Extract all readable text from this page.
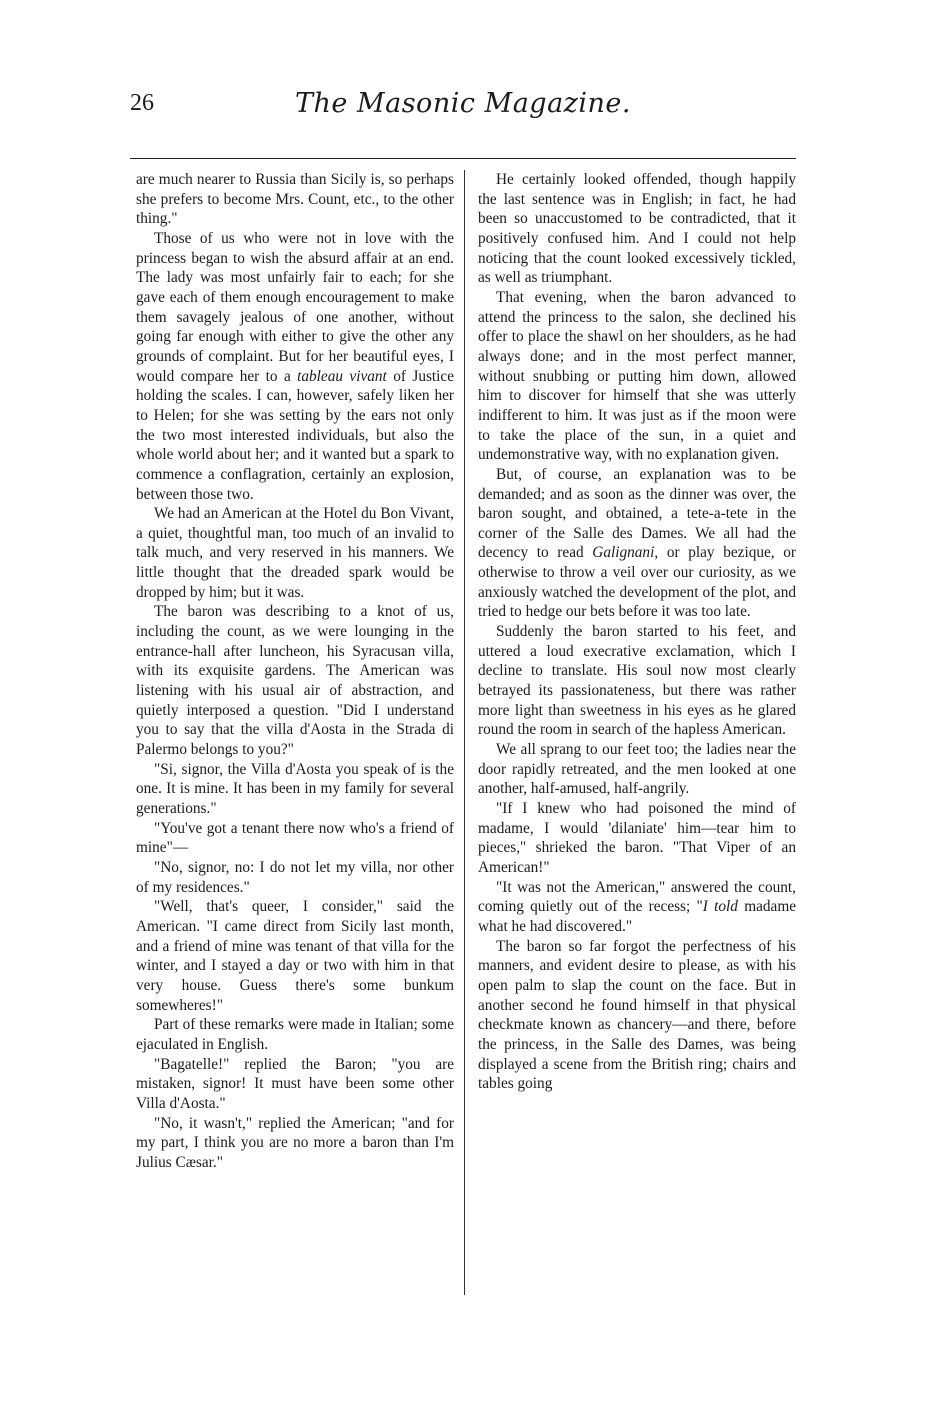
26	The Masonic Magazine.

are much nearer to Russia than Sicily is, so perhaps she prefers to become Mrs. Count, etc., to the other thing."

Those of us who were not in love with the princess began to wish the absurd affair at an end. The lady was most unfairly fair to each; for she gave each of them enough encouragement to make them savagely jealous of one another, without going far enough with either to give the other any grounds of complaint. But for her beautiful eyes, I would compare her to a tableau vivant of Justice holding the scales. I can, however, safely liken her to Helen; for she was setting by the ears not only the two most interested individuals, but also the whole world about her; and it wanted but a spark to commence a conflagration, certainly an explosion, between those two.

We had an American at the Hotel du Bon Vivant, a quiet, thoughtful man, too much of an invalid to talk much, and very reserved in his manners. We little thought that the dreaded spark would be dropped by him; but it was.

The baron was describing to a knot of us, including the count, as we were lounging in the entrance-hall after luncheon, his Syracusan villa, with its exquisite gardens. The American was listening with his usual air of abstraction, and quietly interposed a question. "Did I understand you to say that the villa d'Aosta in the Strada di Palermo belongs to you?"

"Si, signor, the Villa d'Aosta you speak of is the one. It is mine. It has been in my family for several generations."

"You've got a tenant there now who's a friend of mine"—

"No, signor, no: I do not let my villa, nor other of my residences."

"Well, that's queer, I consider," said the American. "I came direct from Sicily last month, and a friend of mine was tenant of that villa for the winter, and I stayed a day or two with him in that very house. Guess there's some bunkum somewheres!"

Part of these remarks were made in Italian; some ejaculated in English.

"Bagatelle!" replied the Baron; "you are mistaken, signor! It must have been some other Villa d'Aosta."

"No, it wasn't," replied the American; "and for my part, I think you are no more a baron than I'm Julius Cæsar."

He certainly looked offended, though happily the last sentence was in English; in fact, he had been so unaccustomed to be contradicted, that it positively confused him. And I could not help noticing that the count looked excessively tickled, as well as triumphant.

That evening, when the baron advanced to attend the princess to the salon, she declined his offer to place the shawl on her shoulders, as he had always done; and in the most perfect manner, without snubbing or putting him down, allowed him to discover for himself that she was utterly indifferent to him. It was just as if the moon were to take the place of the sun, in a quiet and undemonstrative way, with no explanation given.

But, of course, an explanation was to be demanded; and as soon as the dinner was over, the baron sought, and obtained, a tete-a-tete in the corner of the Salle des Dames. We all had the decency to read Galignani, or play bezique, or otherwise to throw a veil over our curiosity, as we anxiously watched the development of the plot, and tried to hedge our bets before it was too late.

Suddenly the baron started to his feet, and uttered a loud execrative exclamation, which I decline to translate. His soul now most clearly betrayed its passionateness, but there was rather more light than sweetness in his eyes as he glared round the room in search of the hapless American.

We all sprang to our feet too; the ladies near the door rapidly retreated, and the men looked at one another, half-amused, half-angrily.

"If I knew who had poisoned the mind of madame, I would 'dilaniate' him—tear him to pieces," shrieked the baron. "That Viper of an American!"

"It was not the American," answered the count, coming quietly out of the recess; "I told madame what he had discovered."

The baron so far forgot the perfectness of his manners, and evident desire to please, as with his open palm to slap the count on the face. But in another second he found himself in that physical checkmate known as chancery—and there, before the princess, in the Salle des Dames, was being displayed a scene from the British ring; chairs and tables going
